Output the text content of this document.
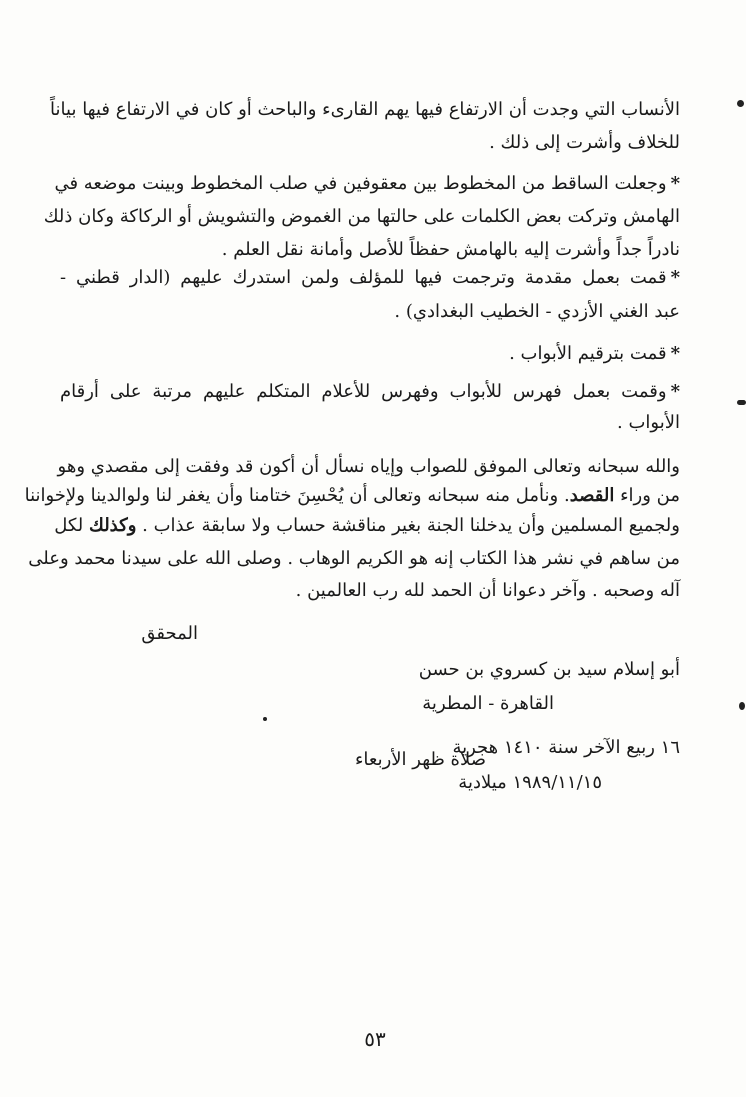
الأنساب التي وجدت أن الارتفاع فيها يهم القارىء والباحث أو كان في الارتفاع فيها بياناً
للخلاف وأشرت إلى ذلك .
*وجعلت الساقط من المخطوط بين معقوفين في صلب المخطوط وبينت موضعه في
الهامش وتركت بعض الكلمات على حالتها من الغموض والتشويش أو الركاكة وكان ذلك
نادراً جداً وأشرت إليه بالهامش حفظاً للأصل وأمانة نقل العلم .
*قمت بعمل مقدمة وترجمت فيها للمؤلف ولمن استدرك عليهم (الدار قطني -
عبد الغني الأزدي - الخطيب البغدادي) .
*قمت بترقيم الأبواب .
*وقمت بعمل فهرس للأبواب وفهرس للأعلام المتكلم عليهم مرتبة على أرقام
الأبواب .
والله سبحانه وتعالى الموفق للصواب وإياه نسأل أن أكون قد وفقت إلى مقصدي وهو
من وراء القصد. ونأمل منه سبحانه وتعالى أن يُحْسِنَ ختامنا وأن يغفر لنا ولوالدينا ولإخواننا
ولجميع المسلمين وأن يدخلنا الجنة بغير مناقشة حساب ولا سابقة عذاب . وكذلك لكل
من ساهم في نشر هذا الكتاب إنه هو الكريم الوهاب . وصلى الله على سيدنا محمد وعلى
آله وصحبه . وآخر دعوانا أن الحمد لله رب العالمين .
المحقق
أبو إسلام سيد بن كسروي بن حسن
القاهرة - المطرية
١٦ ربيع الآخر سنة ١٤١٠ هجرية
صلاة ظهر الأربعاء
١٩٨٩/١١/١٥ ميلادية
٥٣
